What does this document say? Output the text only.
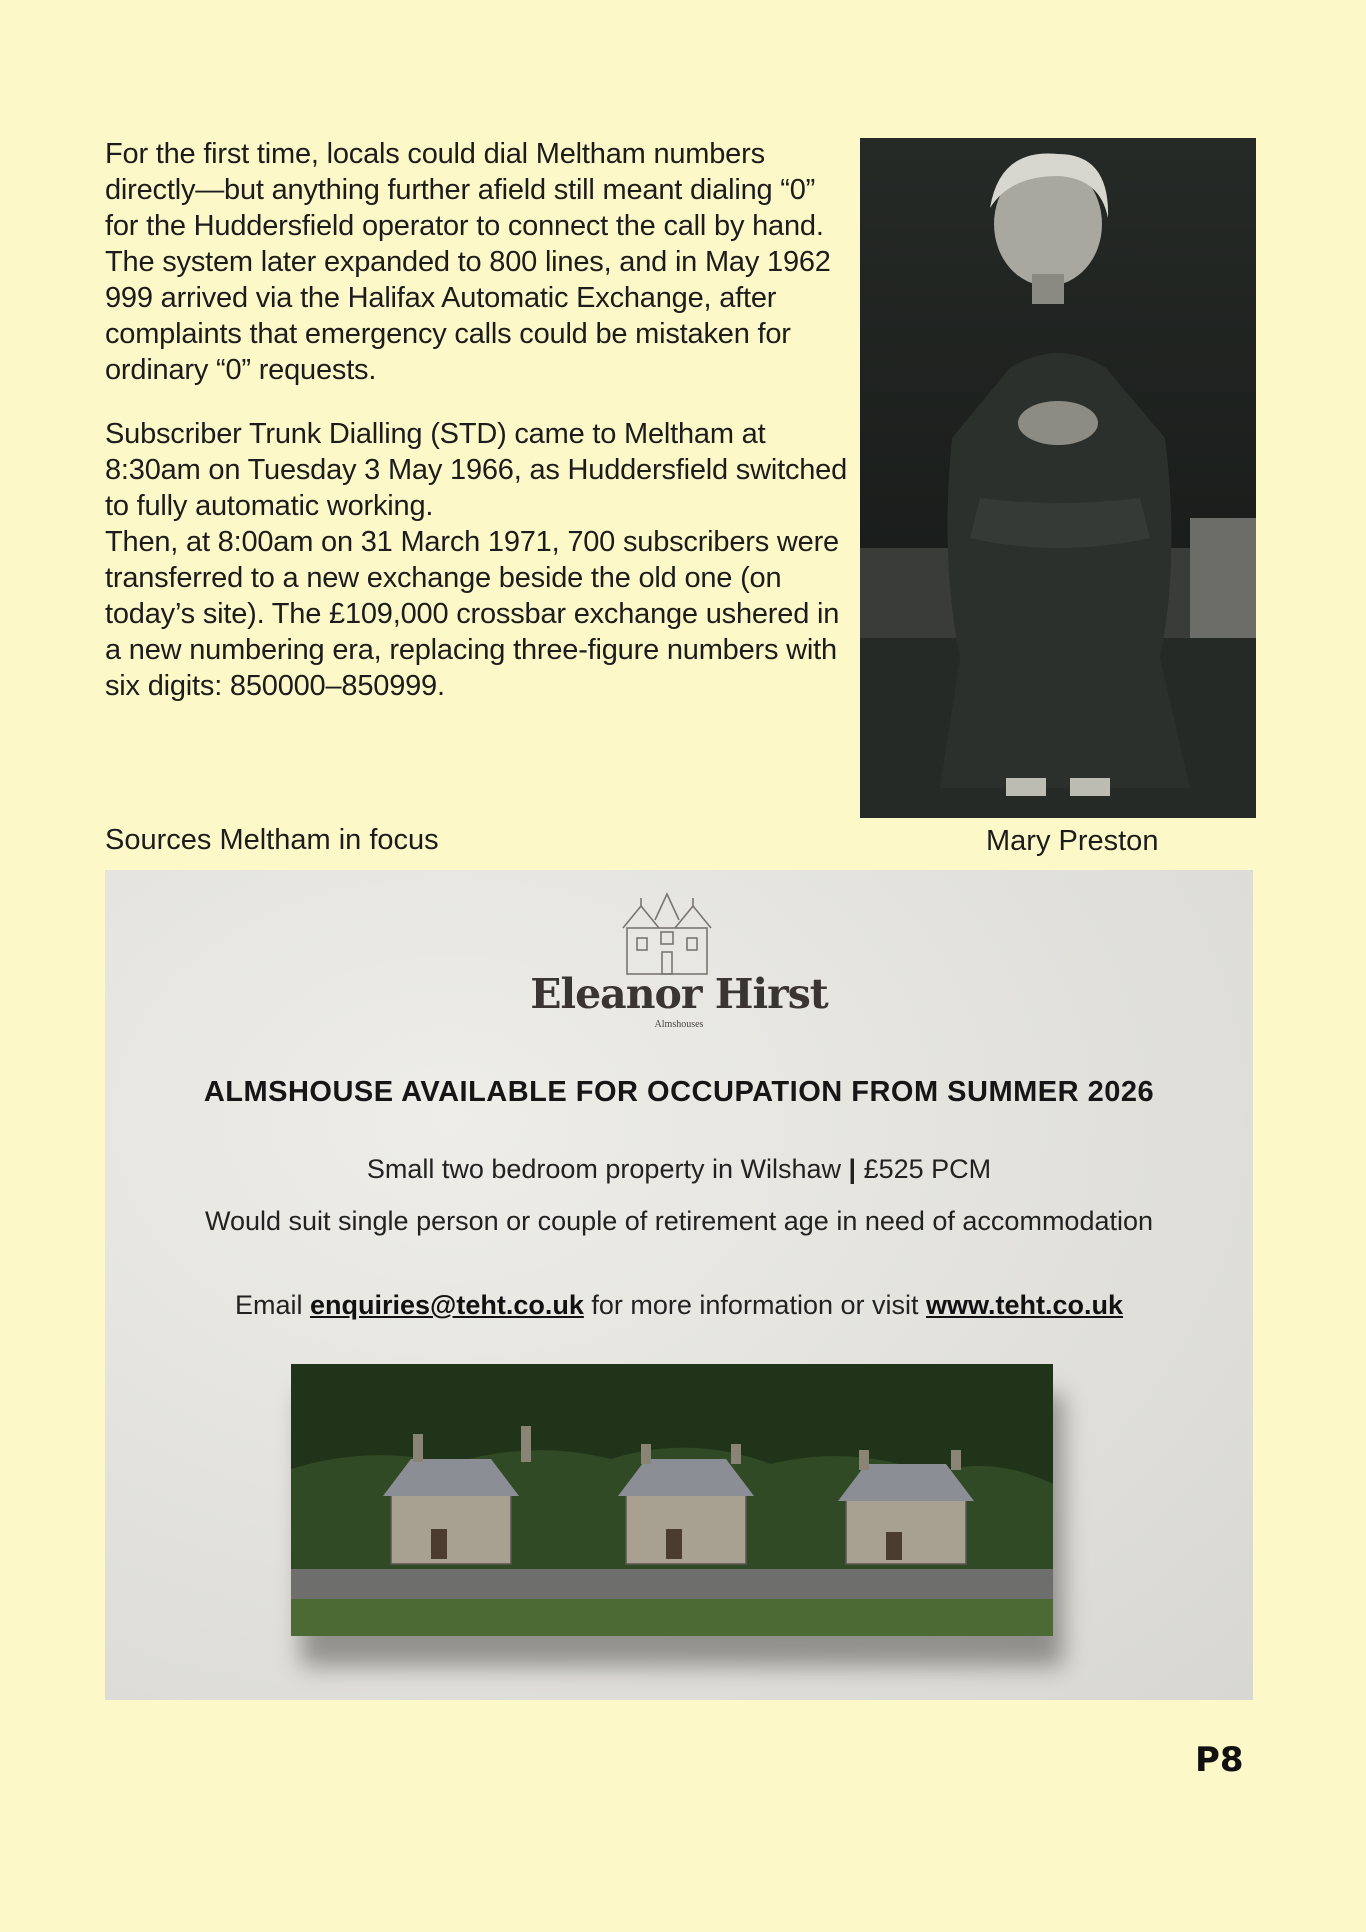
For the first time, locals could dial Meltham numbers directly—but anything further afield still meant dialing “0” for the Huddersfield operator to connect the call by hand. The system later expanded to 800 lines, and in May 1962 999 arrived via the Halifax Automatic Exchange, after complaints that emergency calls could be mistaken for ordinary “0” requests.

Subscriber Trunk Dialling (STD) came to Meltham at 8:30am on Tuesday 3 May 1966, as Huddersfield switched to fully automatic working.

Then, at 8:00am on 31 March 1971, 700 subscribers were transferred to a new exchange beside the old one (on today’s site). The £109,000 crossbar exchange ushered in a new numbering era, replacing three-figure numbers with six digits: 850000–850999.

Sources Meltham in focus	Mary Preston
Eleanor Hirst
Almshouses
ALMSHOUSE AVAILABLE FOR OCCUPATION FROM SUMMER 2026
Small two bedroom property in Wilshaw | £525 PCM
Would suit single person or couple of retirement age in need of accommodation
Email enquiries@teht.co.uk for more information or visit www.teht.co.uk
P8
